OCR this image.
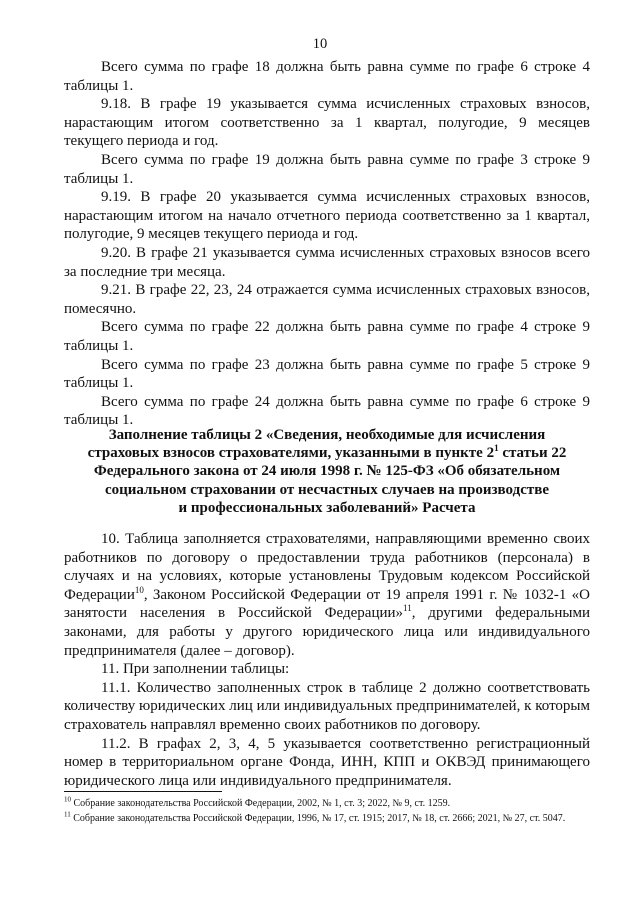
10

Всего сумма по графе 18 должна быть равна сумме по графе 6 строке 4 таблицы 1.

9.18. В графе 19 указывается сумма исчисленных страховых взносов, нарастающим итогом соответственно за 1 квартал, полугодие, 9 месяцев текущего периода и год.

Всего сумма по графе 19 должна быть равна сумме по графе 3 строке 9 таблицы 1.

9.19. В графе 20 указывается сумма исчисленных страховых взносов, нарастающим итогом на начало отчетного периода соответственно за 1 квартал, полугодие, 9 месяцев текущего периода и год.

9.20. В графе 21 указывается сумма исчисленных страховых взносов всего за последние три месяца.

9.21. В графе 22, 23, 24 отражается сумма исчисленных страховых взносов, помесячно.

Всего сумма по графе 22 должна быть равна сумме по графе 4 строке 9 таблицы 1.

Всего сумма по графе 23 должна быть равна сумме по графе 5 строке 9 таблицы 1.

Всего сумма по графе 24 должна быть равна сумме по графе 6 строке 9 таблицы 1.

Заполнение таблицы 2 «Сведения, необходимые для исчисления

страховых взносов страхователями, указанными в пункте $2^1$ статьи 22

Федерального закона от 24 июля 1998 г. № 125-ФЗ «Об обязательном

социальном страховании от несчастных случаев на производстве

и профессиональных заболеваний» Расчета

10. Таблица заполняется страхователями, направляющими временно своих работников по договору о предоставлении труда работников (персонала) в случаях и на условиях, которые установлены Трудовым кодексом Российской Федерации$^{10}$, Законом Российской Федерации от 19 апреля 1991 г. № 1032-1 «О занятости населения в Российской Федерации»$^{11}$, другими федеральными законами, для работы у другого юридического лица или индивидуального предпринимателя (далее – договор).

11. При заполнении таблицы:

11.1. Количество заполненных строк в таблице 2 должно соответствовать количеству юридических лиц или индивидуальных предпринимателей, к которым страхователь направлял временно своих работников по договору.

11.2. В графах 2, 3, 4, 5 указывается соответственно регистрационный номер в территориальном органе Фонда, ИНН, КПП и ОКВЭД принимающего юридического лица или индивидуального предпринимателя.

$^{10}$ Собрание законодательства Российской Федерации, 2002, № 1, ст. 3; 2022, № 9, ст. 1259.

$^{11}$ Собрание законодательства Российской Федерации, 1996, № 17, ст. 1915; 2017, № 18, ст. 2666; 2021, № 27, ст. 5047.
